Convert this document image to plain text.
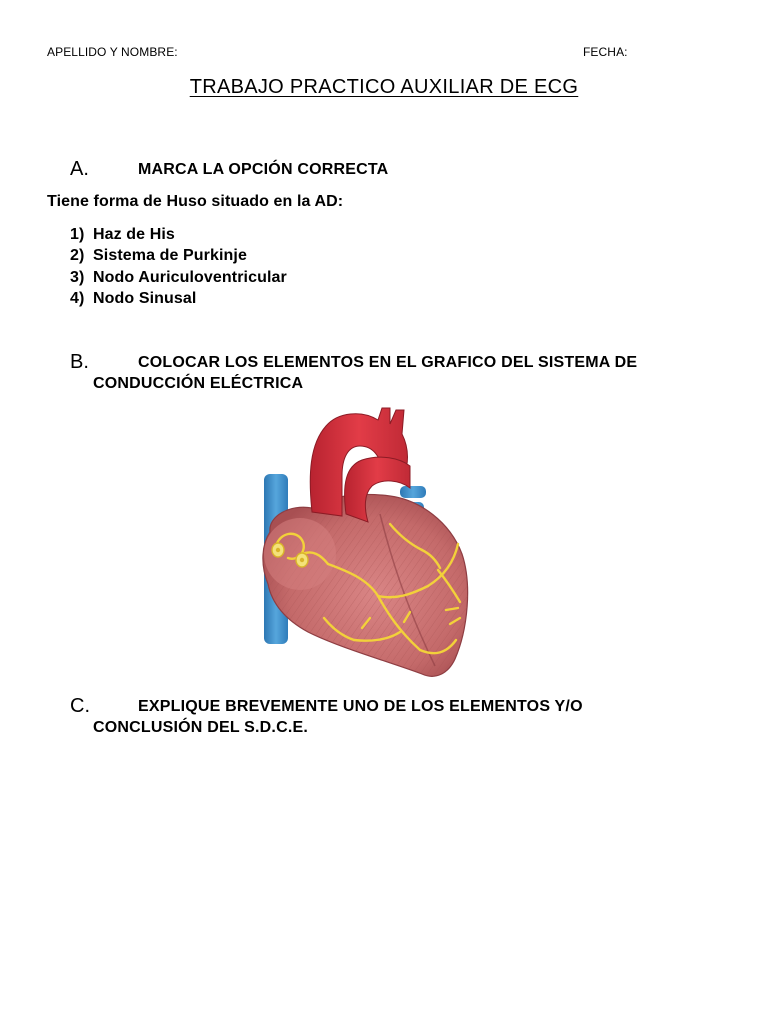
APELLIDO Y NOMBRE:	FECHA:
TRABAJO PRACTICO AUXILIAR DE ECG
A.	MARCA LA OPCIÓN CORRECTA
Tiene forma de Huso situado en la AD:
1) Haz de His
2) Sistema de Purkinje
3) Nodo Auriculoventricular
4) Nodo Sinusal
B.	COLOCAR LOS ELEMENTOS EN EL GRAFICO DEL SISTEMA DE
CONDUCCIÓN ELÉCTRICA
C.	EXPLIQUE BREVEMENTE UNO DE LOS ELEMENTOS Y/O
CONCLUSIÓN DEL S.D.C.E.
